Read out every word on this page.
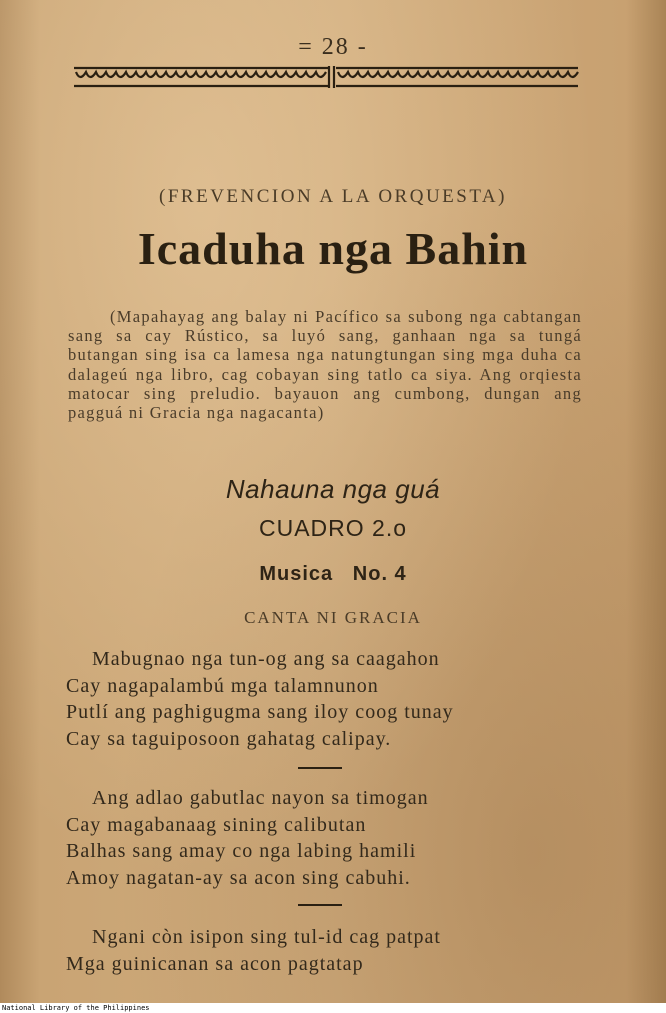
= 28 -
(FREVENCION A LA ORQUESTA)
Icaduha nga Bahin

(Mapahayag ang balay ni Pacífico sa subong nga cabtangan sang sa cay Rústico, sa luyó sang, ganhaan nga sa tungá butangan sing isa ca lamesa nga natungtungan sing mga duha ca dalageú nga libro, cag cobayan sing tatlo ca siya. Ang orqiesta matocar sing preludio. bayauon ang cumbong, dungan ang pagguá ni Gracia nga nagacanta)

Nahauna nga guá
CUADRO 2.o
Musica   No. 4
CANTA NI GRACIA
Mabugnao nga tun-og ang sa caagahon
Cay nagapalambú mga talamnunon
Putlí ang paghigugma sang iloy coog tunay
Cay sa taguiposoon gahatag calipay.
Ang adlao gabutlac nayon sa timogan
Cay magabanaag sining calibutan
Balhas sang amay co nga labing hamili
Amoy nagatan-ay sa acon sing cabuhi.
Ngani còn isipon sing tul-id cag patpat
Mga guinicanan sa acon pagtatap
National Library of the Philippines
